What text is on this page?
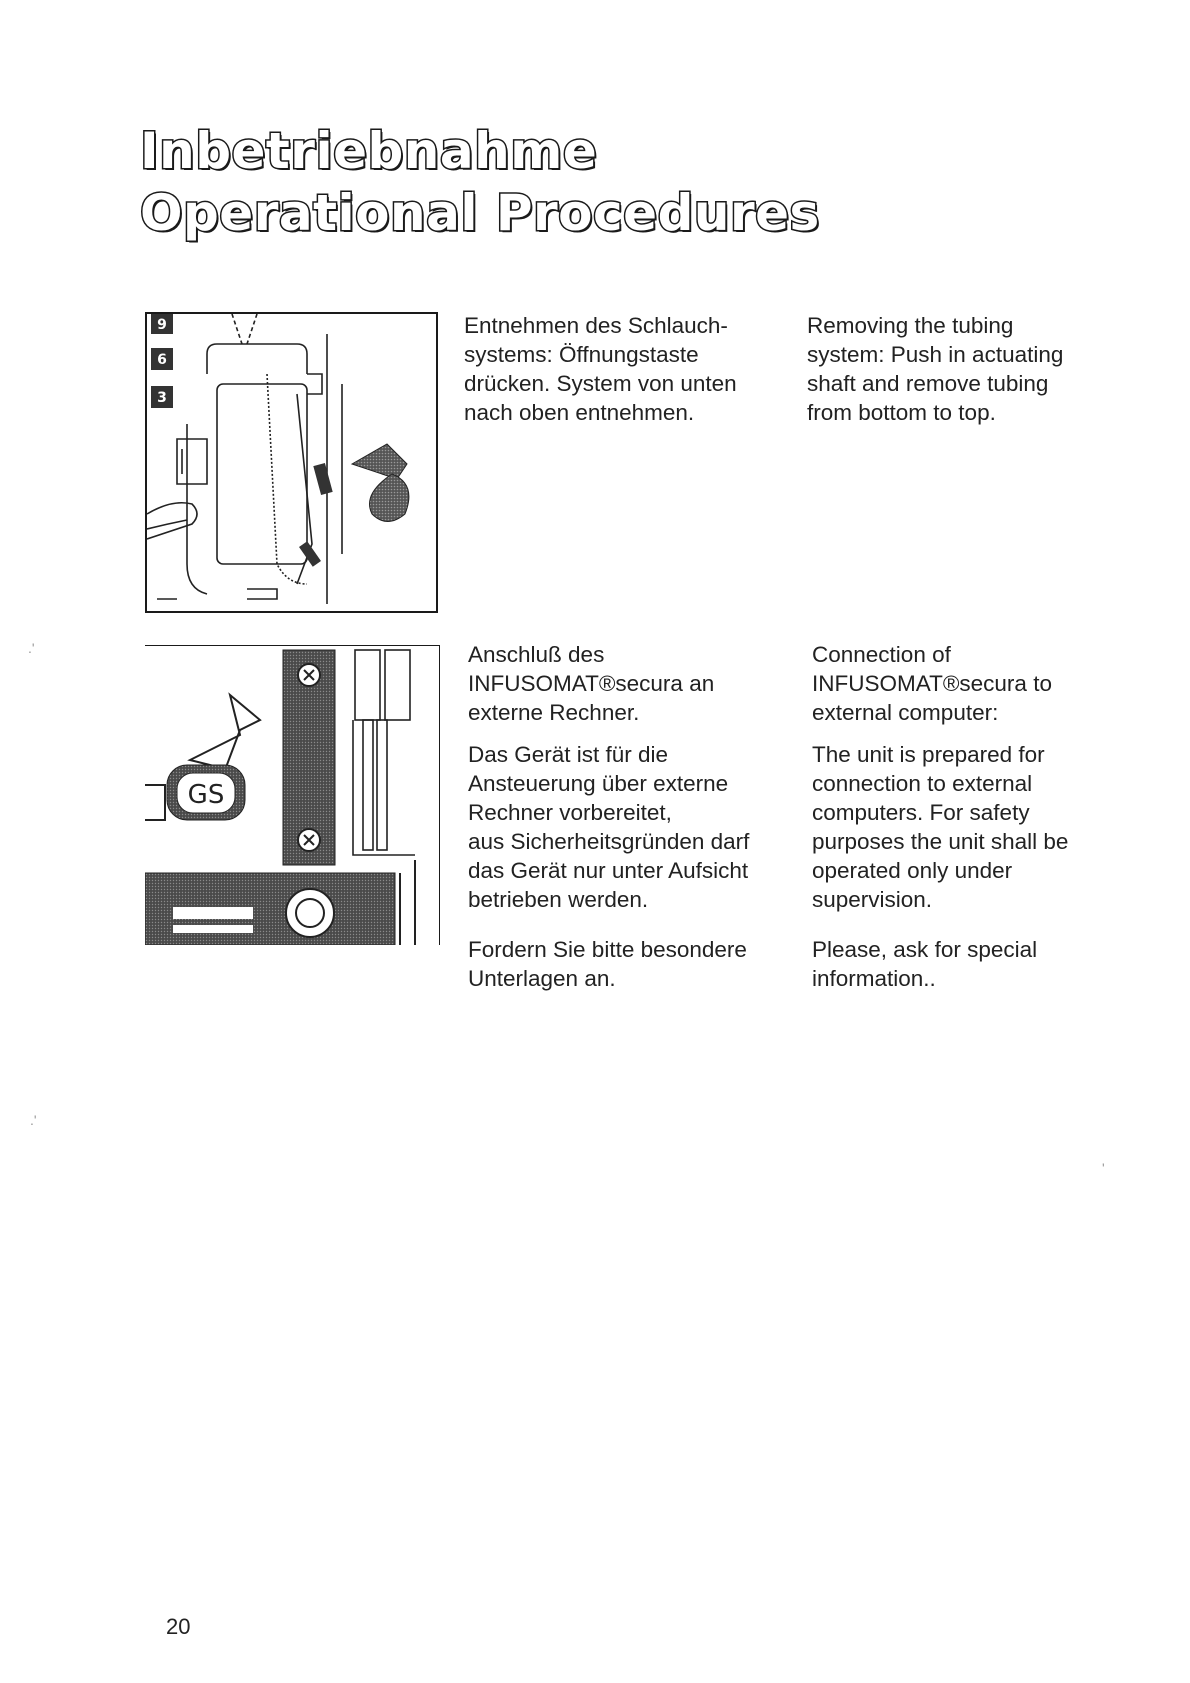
Inbetriebnahme
Operational Procedures
9
6
3

Entnehmen des Schlauch-
systems: Öffnungstaste
drücken. System von unten
nach oben entnehmen.

Removing the tubing
system: Push in actuating
shaft and remove tubing
from bottom to top.

GS

Anschluß des
INFUSOMAT®secura an
externe Rechner.

Das Gerät ist für die
Ansteuerung über externe
Rechner vorbereitet,
aus Sicherheitsgründen darf
das Gerät nur unter Aufsicht
betrieben werden.

Fordern Sie bitte besondere
Unterlagen an.

Connection of
INFUSOMAT®secura to
external computer:

The unit is prepared for
connection to external
computers. For safety
purposes the unit shall be
operated only under
supervision.

Please, ask for special
information..

20
.'
.'
'
